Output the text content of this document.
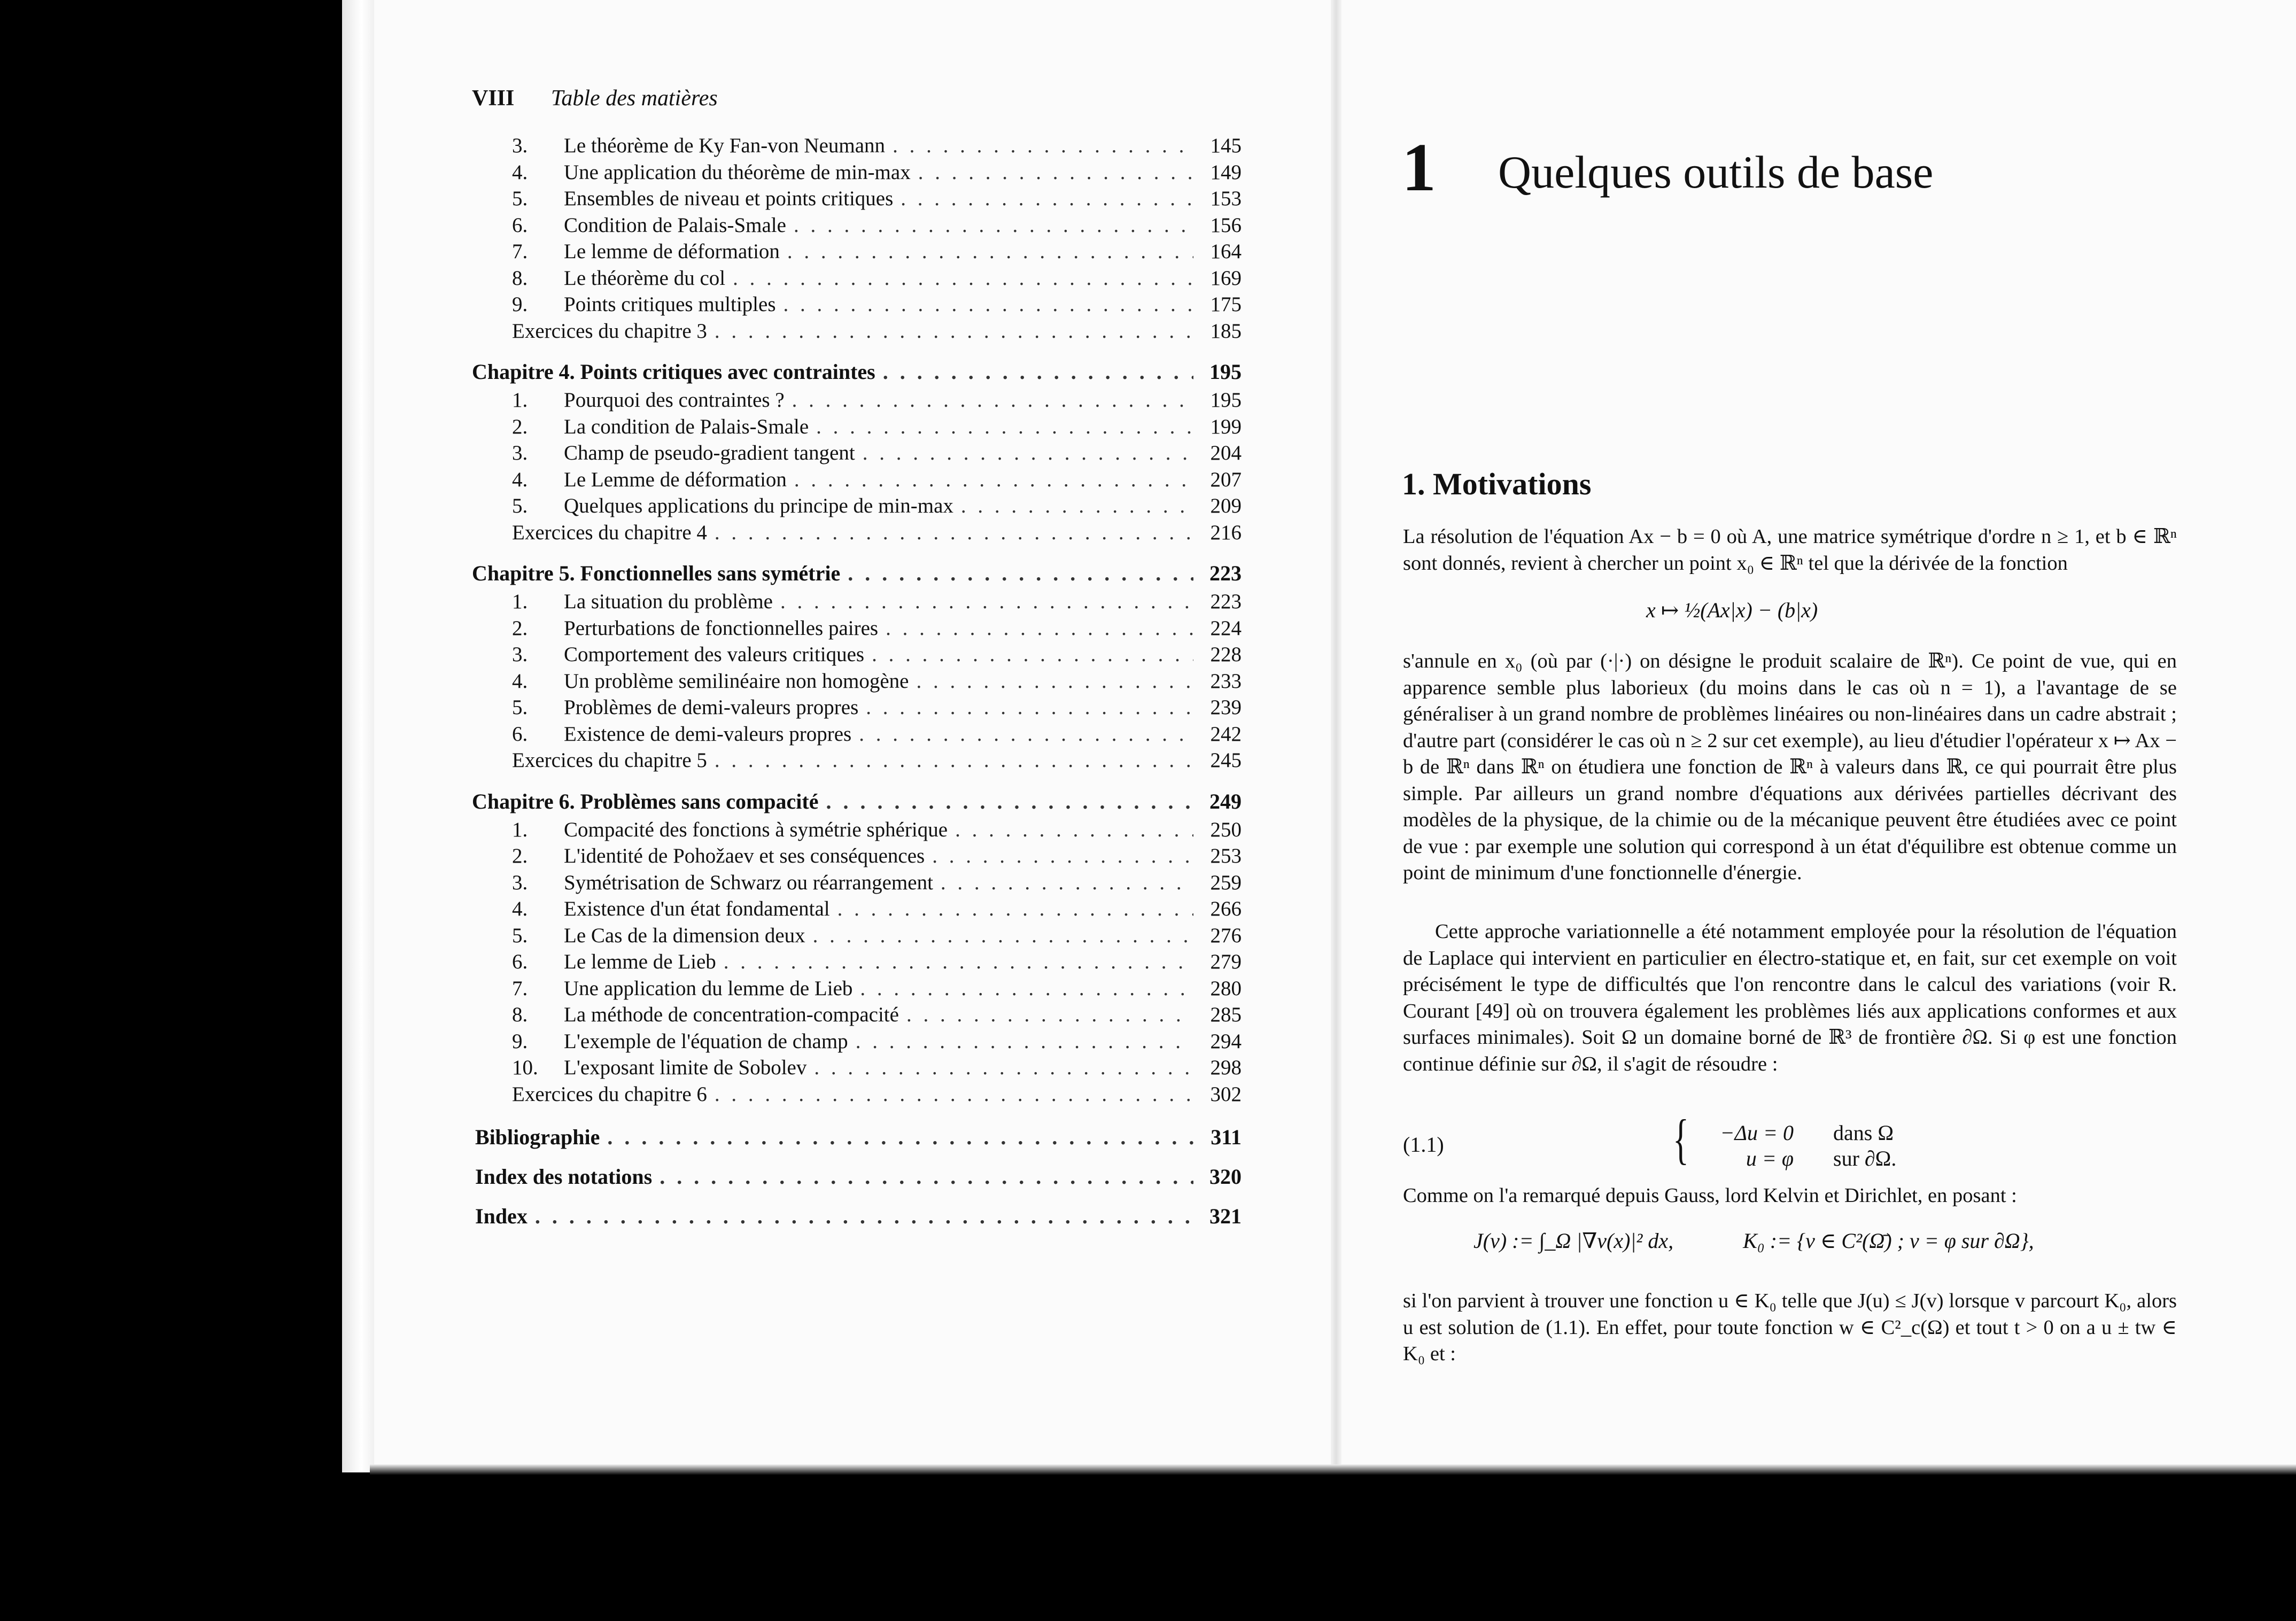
VIII Table des matières
3.	Le théorème de Ky Fan-von Neumann . . .	145
4.	Une application du théorème de min-max . . .	149
5.	Ensembles de niveau et points critiques . . .	153
6.	Condition de Palais-Smale . . .	156
7.	Le lemme de déformation . . .	164
8.	Le théorème du col . . .	169
9.	Points critiques multiples . . .	175
Exercices du chapitre 3 . . .	185
Chapitre 4. Points critiques avec contraintes . . .	195
1.	Pourquoi des contraintes ? . . .	195
2.	La condition de Palais-Smale . . .	199
3.	Champ de pseudo-gradient tangent . . .	204
4.	Le Lemme de déformation . . .	207
5.	Quelques applications du principe de min-max . . .	209
Exercices du chapitre 4 . . .	216
Chapitre 5. Fonctionnelles sans symétrie . . .	223
1.	La situation du problème . . .	223
2.	Perturbations de fonctionnelles paires . . .	224
3.	Comportement des valeurs critiques . . .	228
4.	Un problème semilinéaire non homogène . . .	233
5.	Problèmes de demi-valeurs propres . . .	239
6.	Existence de demi-valeurs propres . . .	242
Exercices du chapitre 5 . . .	245
Chapitre 6. Problèmes sans compacité . . .	249
1.	Compacité des fonctions à symétrie sphérique . . .	250
2.	L'identité de Pohožaev et ses conséquences . . .	253
3.	Symétrisation de Schwarz ou réarrangement . . .	259
4.	Existence d'un état fondamental . . .	266
5.	Le Cas de la dimension deux . . .	276
6.	Le lemme de Lieb . . .	279
7.	Une application du lemme de Lieb . . .	280
8.	La méthode de concentration-compacité . . .	285
9.	L'exemple de l'équation de champ . . .	294
10.	L'exposant limite de Sobolev . . .	298
Exercices du chapitre 6 . . .	302
Bibliographie . . .	311
Index des notations . . .	320
Index . . .	321
1 Quelques outils de base
1. Motivations

La résolution de l'équation Ax − b = 0 où A, une matrice symétrique d'ordre n ≥ 1, et b ∈ ℝⁿ sont donnés, revient à chercher un point x₀ ∈ ℝⁿ tel que la dérivée de la fonction

x ↦ ½(Ax|x) − (b|x)

s'annule en x₀ (où par (·|·) on désigne le produit scalaire de ℝⁿ). Ce point de vue, qui en apparence semble plus laborieux (du moins dans le cas où n = 1), a l'avantage de se généraliser à un grand nombre de problèmes linéaires ou non-linéaires dans un cadre abstrait ; d'autre part (considérer le cas où n ≥ 2 sur cet exemple), au lieu d'étudier l'opérateur x ↦ Ax − b de ℝⁿ dans ℝⁿ on étudiera une fonction de ℝⁿ à valeurs dans ℝ, ce qui pourrait être plus simple. Par ailleurs un grand nombre d'équations aux dérivées partielles décrivant des modèles de la physique, de la chimie ou de la mécanique peuvent être étudiées avec ce point de vue : par exemple une solution qui correspond à un état d'équilibre est obtenue comme un point de minimum d'une fonctionnelle d'énergie.

Cette approche variationnelle a été notamment employée pour la résolution de l'équation de Laplace qui intervient en particulier en électro-statique et, en fait, sur cet exemple on voit précisément le type de difficultés que l'on rencontre dans le calcul des variations (voir R. Courant [49] où on trouvera également les problèmes liés aux applications conformes et aux surfaces minimales). Soit Ω un domaine borné de ℝ³ de frontière ∂Ω. Si φ est une fonction continue définie sur ∂Ω, il s'agit de résoudre :

(1.1)	{	−Δu = 0 dans Ω
u = φ sur ∂Ω.

Comme on l'a remarqué depuis Gauss, lord Kelvin et Dirichlet, en posant :

J(v) := ∫_Ω |∇v(x)|² dx,	K₀ := {v ∈ C²(Ω̄) ; v = φ sur ∂Ω},

si l'on parvient à trouver une fonction u ∈ K₀ telle que J(u) ≤ J(v) lorsque v parcourt K₀, alors u est solution de (1.1). En effet, pour toute fonction w ∈ C²_c(Ω) et tout t > 0 on a u ± tw ∈ K₀ et :
